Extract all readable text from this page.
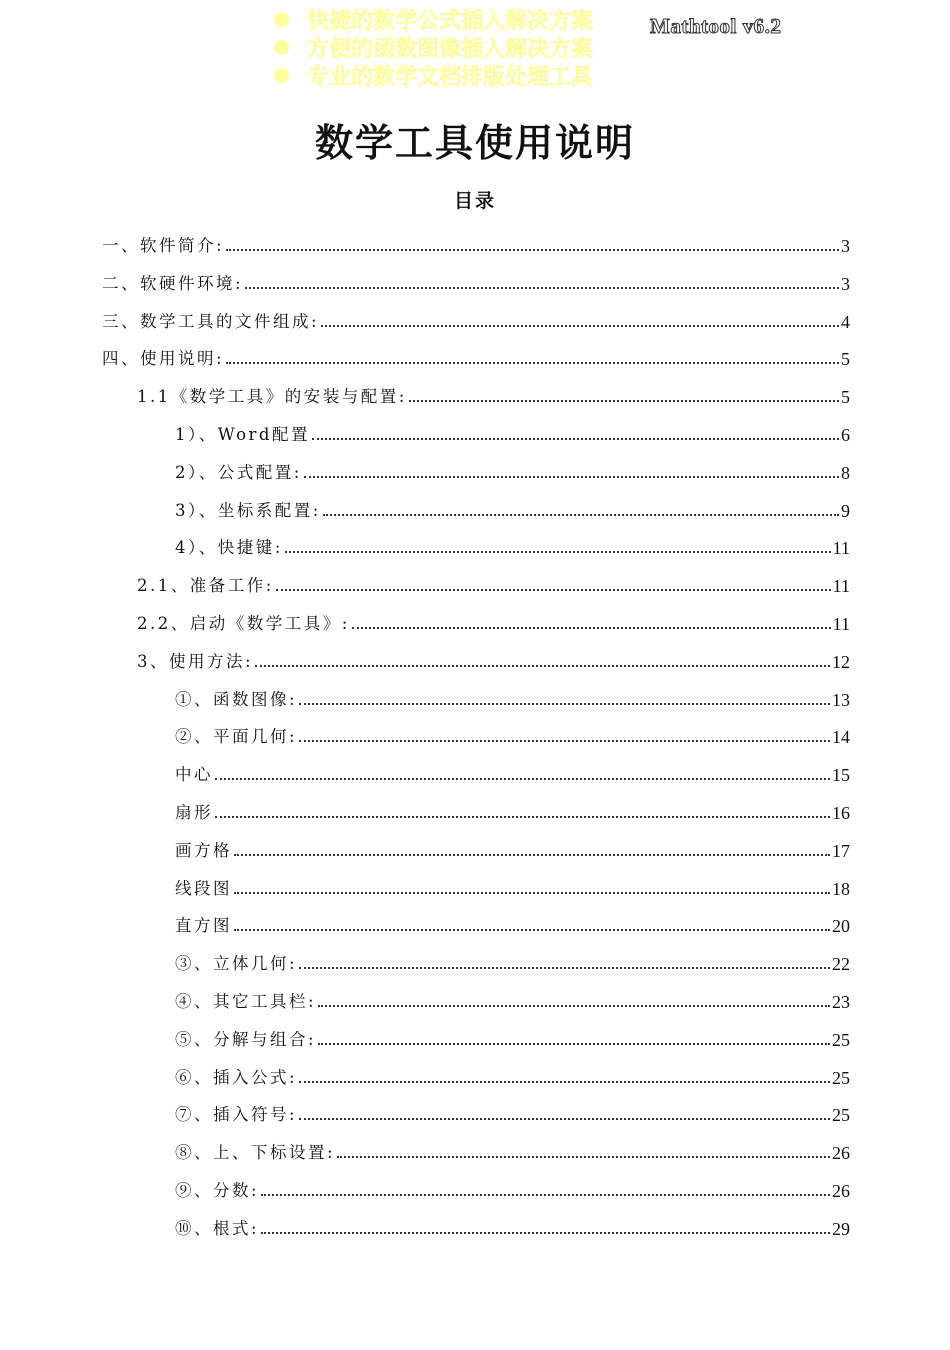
快捷的数学公式插入解决方案
方便的函数图像插入解决方案
专业的数学文档排版处理工具
Mathtool v6.2
数学工具使用说明
目录
一、软件简介:	3
二、软硬件环境:	3
三、数学工具的文件组成:	4
四、使用说明:	5
1.1《数学工具》的安装与配置:	5
1）、Word配置	6
2）、公式配置:	8
3）、坐标系配置:	9
4）、快捷键:	11
2.1、准备工作:	11
2.2、启动《数学工具》:	11
3、使用方法:	12
①、函数图像:	13
②、平面几何:	14
中心	15
扇形	16
画方格	17
线段图	18
直方图	20
③、立体几何:	22
④、其它工具栏:	23
⑤、分解与组合:	25
⑥、插入公式:	25
⑦、插入符号:	25
⑧、上、下标设置:	26
⑨、分数:	26
⑩、根式:	29
